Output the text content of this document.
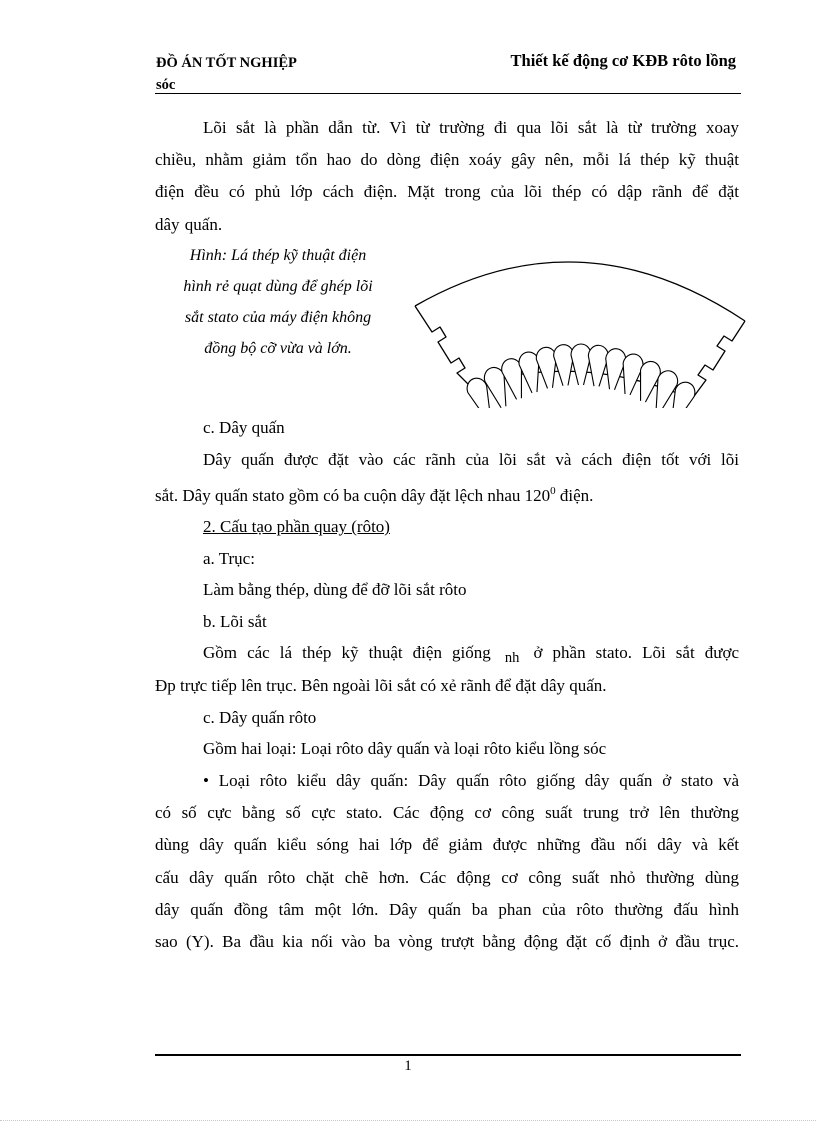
ĐỒ ÁN TỐT NGHIỆP
sóc
Thiết kế động cơ KĐB rôto lồng

Lõi sắt là phần dẫn từ. Vì từ trường đi qua lõi sắt là từ trường xoay

chiều, nhằm giảm tổn hao do dòng điện xoáy gây nên, mỗi lá thép kỹ thuật

điện đều có phủ lớp cách điện. Mặt trong của lõi thép có dập rãnh để đặt

dây quấn.

c. Dây quấn

Dây quấn được đặt vào các rãnh của lõi sắt và cách điện tốt với lõi

sắt. Dây quấn stato gồm có ba cuộn dây đặt lệch nhau $120^0$ điện.

2. Cấu tạo phần quay (rôto)

a. Trục:

Làm bằng thép, dùng để đỡ lõi sắt rôto

b. Lõi sắt

Gồm các lá thép kỹ thuật điện giống nh ở phần stato. Lõi sắt được

Đp trực tiếp lên trục. Bên ngoài lõi sắt có xẻ rãnh để đặt dây quấn.

c. Dây quấn rôto

Gồm hai loại: Loại rôto dây quấn và loại rôto kiểu lồng sóc

• Loại rôto kiểu dây quấn: Dây quấn rôto giống dây quấn ở stato và

có số cực bằng số cực stato. Các động cơ công suất trung trở lên thường

dùng dây quấn kiểu sóng hai lớp để giảm được những đầu nối dây và kết

cấu dây quấn rôto chặt chẽ hơn. Các động cơ công suất nhỏ thường dùng

dây quấn đồng tâm một lớn. Dây quấn ba phan của rôto thường đấu hình

sao (Y). Ba đầu kia nối vào ba vòng trượt bằng động đặt cố định ở đầu trục.

Hình: Lá thép kỹ thuật điện
hình rẻ quạt dùng để ghép lõi
sắt stato của máy điện không
đồng bộ cỡ vừa và lớn.
1
